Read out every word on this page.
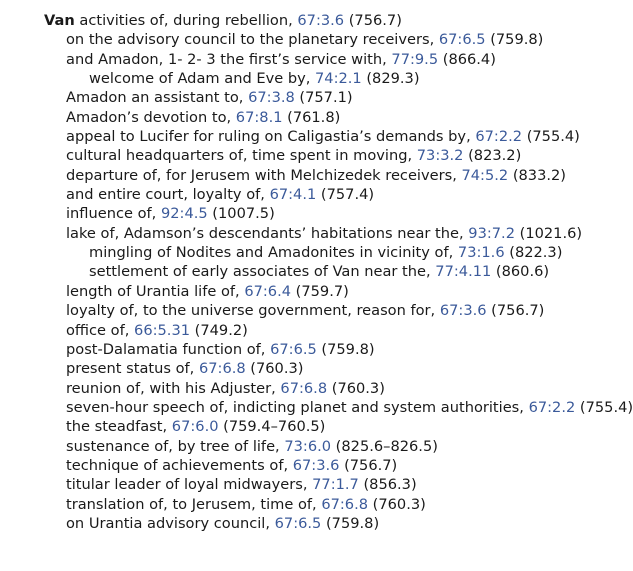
Van activities of, during rebellion, 67:3.6 (756.7)
on the advisory council to the planetary receivers, 67:6.5 (759.8)
and Amadon, 1- 2- 3 the first’s service with, 77:9.5 (866.4)
welcome of Adam and Eve by, 74:2.1 (829.3)
Amadon an assistant to, 67:3.8 (757.1)
Amadon’s devotion to, 67:8.1 (761.8)
appeal to Lucifer for ruling on Caligastia’s demands by, 67:2.2 (755.4)
cultural headquarters of, time spent in moving, 73:3.2 (823.2)
departure of, for Jerusem with Melchizedek receivers, 74:5.2 (833.2)
and entire court, loyalty of, 67:4.1 (757.4)
influence of, 92:4.5 (1007.5)
lake of, Adamson’s descendants’ habitations near the, 93:7.2 (1021.6)
mingling of Nodites and Amadonites in vicinity of, 73:1.6 (822.3)
settlement of early associates of Van near the, 77:4.11 (860.6)
length of Urantia life of, 67:6.4 (759.7)
loyalty of, to the universe government, reason for, 67:3.6 (756.7)
office of, 66:5.31 (749.2)
post-Dalamatia function of, 67:6.5 (759.8)
present status of, 67:6.8 (760.3)
reunion of, with his Adjuster, 67:6.8 (760.3)
seven-hour speech of, indicting planet and system authorities, 67:2.2 (755.4)
the steadfast, 67:6.0 (759.4–760.5)
sustenance of, by tree of life, 73:6.0 (825.6–826.5)
technique of achievements of, 67:3.6 (756.7)
titular leader of loyal midwayers, 77:1.7 (856.3)
translation of, to Jerusem, time of, 67:6.8 (760.3)
on Urantia advisory council, 67:6.5 (759.8)
